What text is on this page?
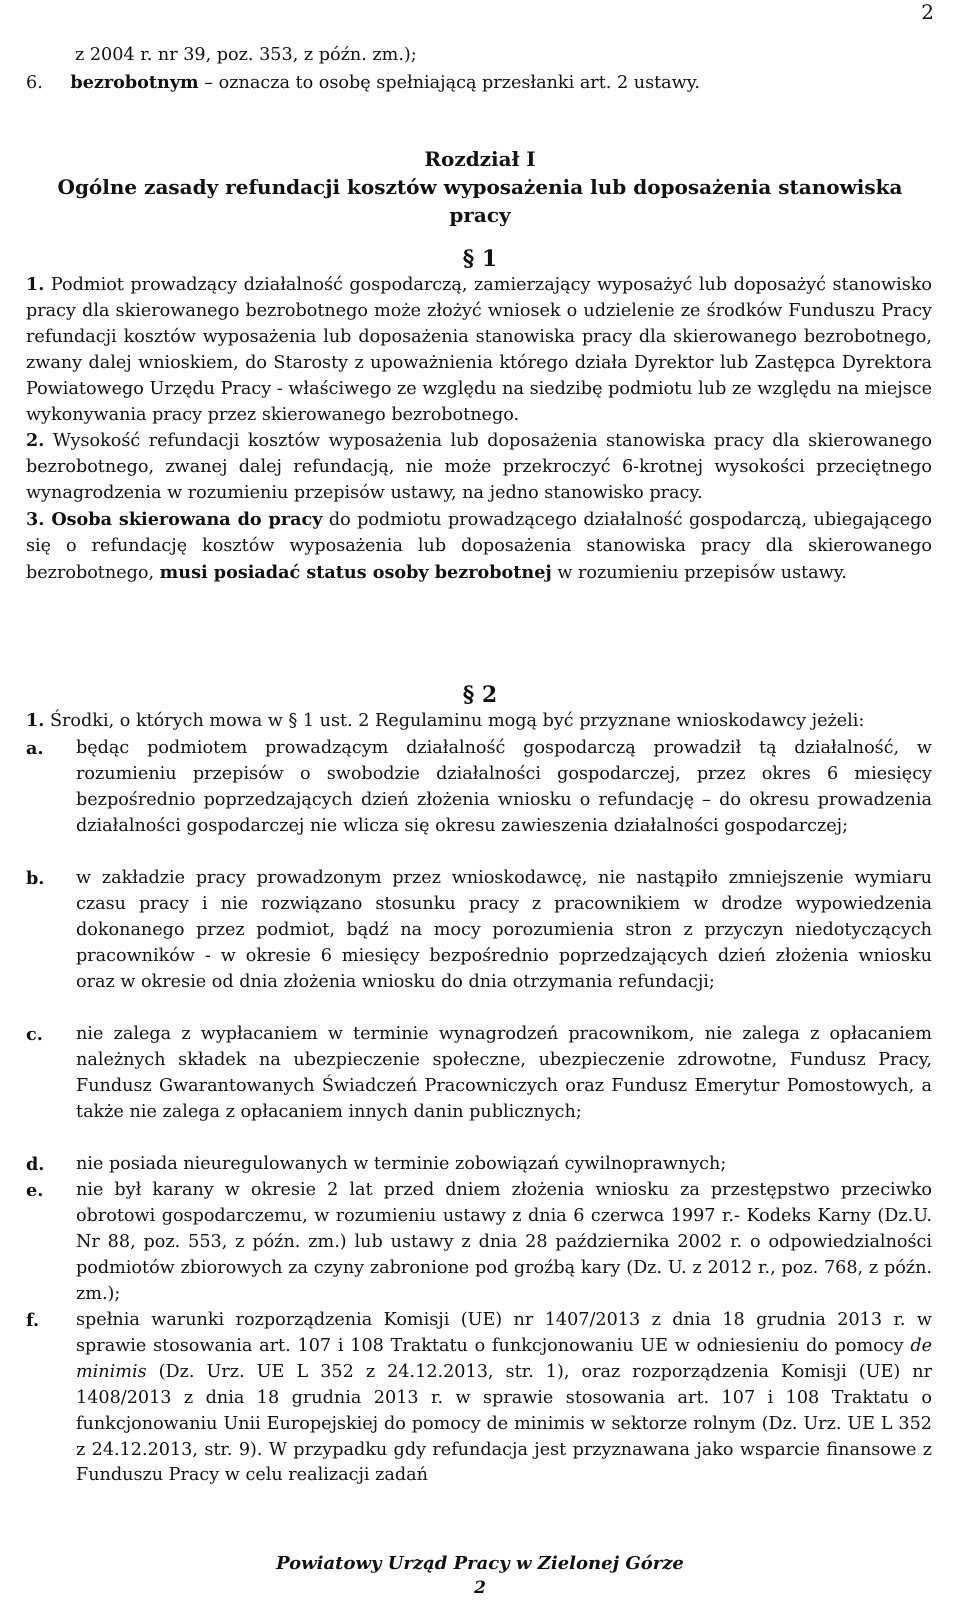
2
z 2004 r. nr 39, poz. 353, z późn. zm.);
6. bezrobotnym – oznacza to osobę spełniającą przesłanki art. 2 ustawy.
Rozdział I
Ogólne zasady refundacji kosztów wyposażenia lub doposażenia stanowiska
pracy
§ 1

1. Podmiot prowadzący działalność gospodarczą, zamierzający wyposażyć lub doposażyć stanowisko pracy dla skierowanego bezrobotnego może złożyć wniosek o udzielenie ze środków Funduszu Pracy refundacji kosztów wyposażenia lub doposażenia stanowiska pracy dla skierowanego bezrobotnego, zwany dalej wnioskiem, do Starosty z upoważnienia którego działa Dyrektor lub Zastępca Dyrektora Powiatowego Urzędu Pracy - właściwego ze względu na siedzibę podmiotu lub ze względu na miejsce wykonywania pracy przez skierowanego bezrobotnego.

2. Wysokość refundacji kosztów wyposażenia lub doposażenia stanowiska pracy dla skierowanego bezrobotnego, zwanej dalej refundacją, nie może przekroczyć 6-krotnej wysokości przeciętnego wynagrodzenia w rozumieniu przepisów ustawy, na jedno stanowisko pracy.

3. Osoba skierowana do pracy do podmiotu prowadzącego działalność gospodarczą, ubiegającego się o refundację kosztów wyposażenia lub doposażenia stanowiska pracy dla skierowanego bezrobotnego, musi posiadać status osoby bezrobotnej w rozumieniu przepisów ustawy.

§ 2
1. Środki, o których mowa w § 1 ust. 2 Regulaminu mogą być przyznane wnioskodawcy jeżeli:
a. będąc podmiotem prowadzącym działalność gospodarczą prowadził tą działalność, w rozumieniu przepisów o swobodzie działalności gospodarczej, przez okres 6 miesięcy bezpośrednio poprzedzających dzień złożenia wniosku o refundację – do okresu prowadzenia działalności gospodarczej nie wlicza się okresu zawieszenia działalności gospodarczej;
b. w zakładzie pracy prowadzonym przez wnioskodawcę, nie nastąpiło zmniejszenie wymiaru czasu pracy i nie rozwiązano stosunku pracy z pracownikiem w drodze wypowiedzenia dokonanego przez podmiot, bądź na mocy porozumienia stron z przyczyn niedotyczących pracowników - w okresie 6 miesięcy bezpośrednio poprzedzających dzień złożenia wniosku oraz w okresie od dnia złożenia wniosku do dnia otrzymania refundacji;
c. nie zalega z wypłacaniem w terminie wynagrodzeń pracownikom, nie zalega z opłacaniem należnych składek na ubezpieczenie społeczne, ubezpieczenie zdrowotne, Fundusz Pracy, Fundusz Gwarantowanych Świadczeń Pracowniczych oraz Fundusz Emerytur Pomostowych, a także nie zalega z opłacaniem innych danin publicznych;
d. nie posiada nieuregulowanych w terminie zobowiązań cywilnoprawnych;
e. nie był karany w okresie 2 lat przed dniem złożenia wniosku za przestępstwo przeciwko obrotowi gospodarczemu, w rozumieniu ustawy z dnia 6 czerwca 1997 r.- Kodeks Karny (Dz.U. Nr 88, poz. 553, z późn. zm.) lub ustawy z dnia 28 października 2002 r. o odpowiedzialności podmiotów zbiorowych za czyny zabronione pod groźbą kary (Dz. U. z 2012 r., poz. 768, z późn. zm.);
f. spełnia warunki rozporządzenia Komisji (UE) nr 1407/2013 z dnia 18 grudnia 2013 r. w sprawie stosowania art. 107 i 108 Traktatu o funkcjonowaniu UE w odniesieniu do pomocy de minimis (Dz. Urz. UE L 352 z 24.12.2013, str. 1), oraz rozporządzenia Komisji (UE) nr 1408/2013 z dnia 18 grudnia 2013 r. w sprawie stosowania art. 107 i 108 Traktatu o funkcjonowaniu Unii Europejskiej do pomocy de minimis w sektorze rolnym (Dz. Urz. UE L 352 z 24.12.2013, str. 9). W przypadku gdy refundacja jest przyznawana jako wsparcie finansowe z Funduszu Pracy w celu realizacji zadań
Powiatowy Urząd Pracy w Zielonej Górze
2
